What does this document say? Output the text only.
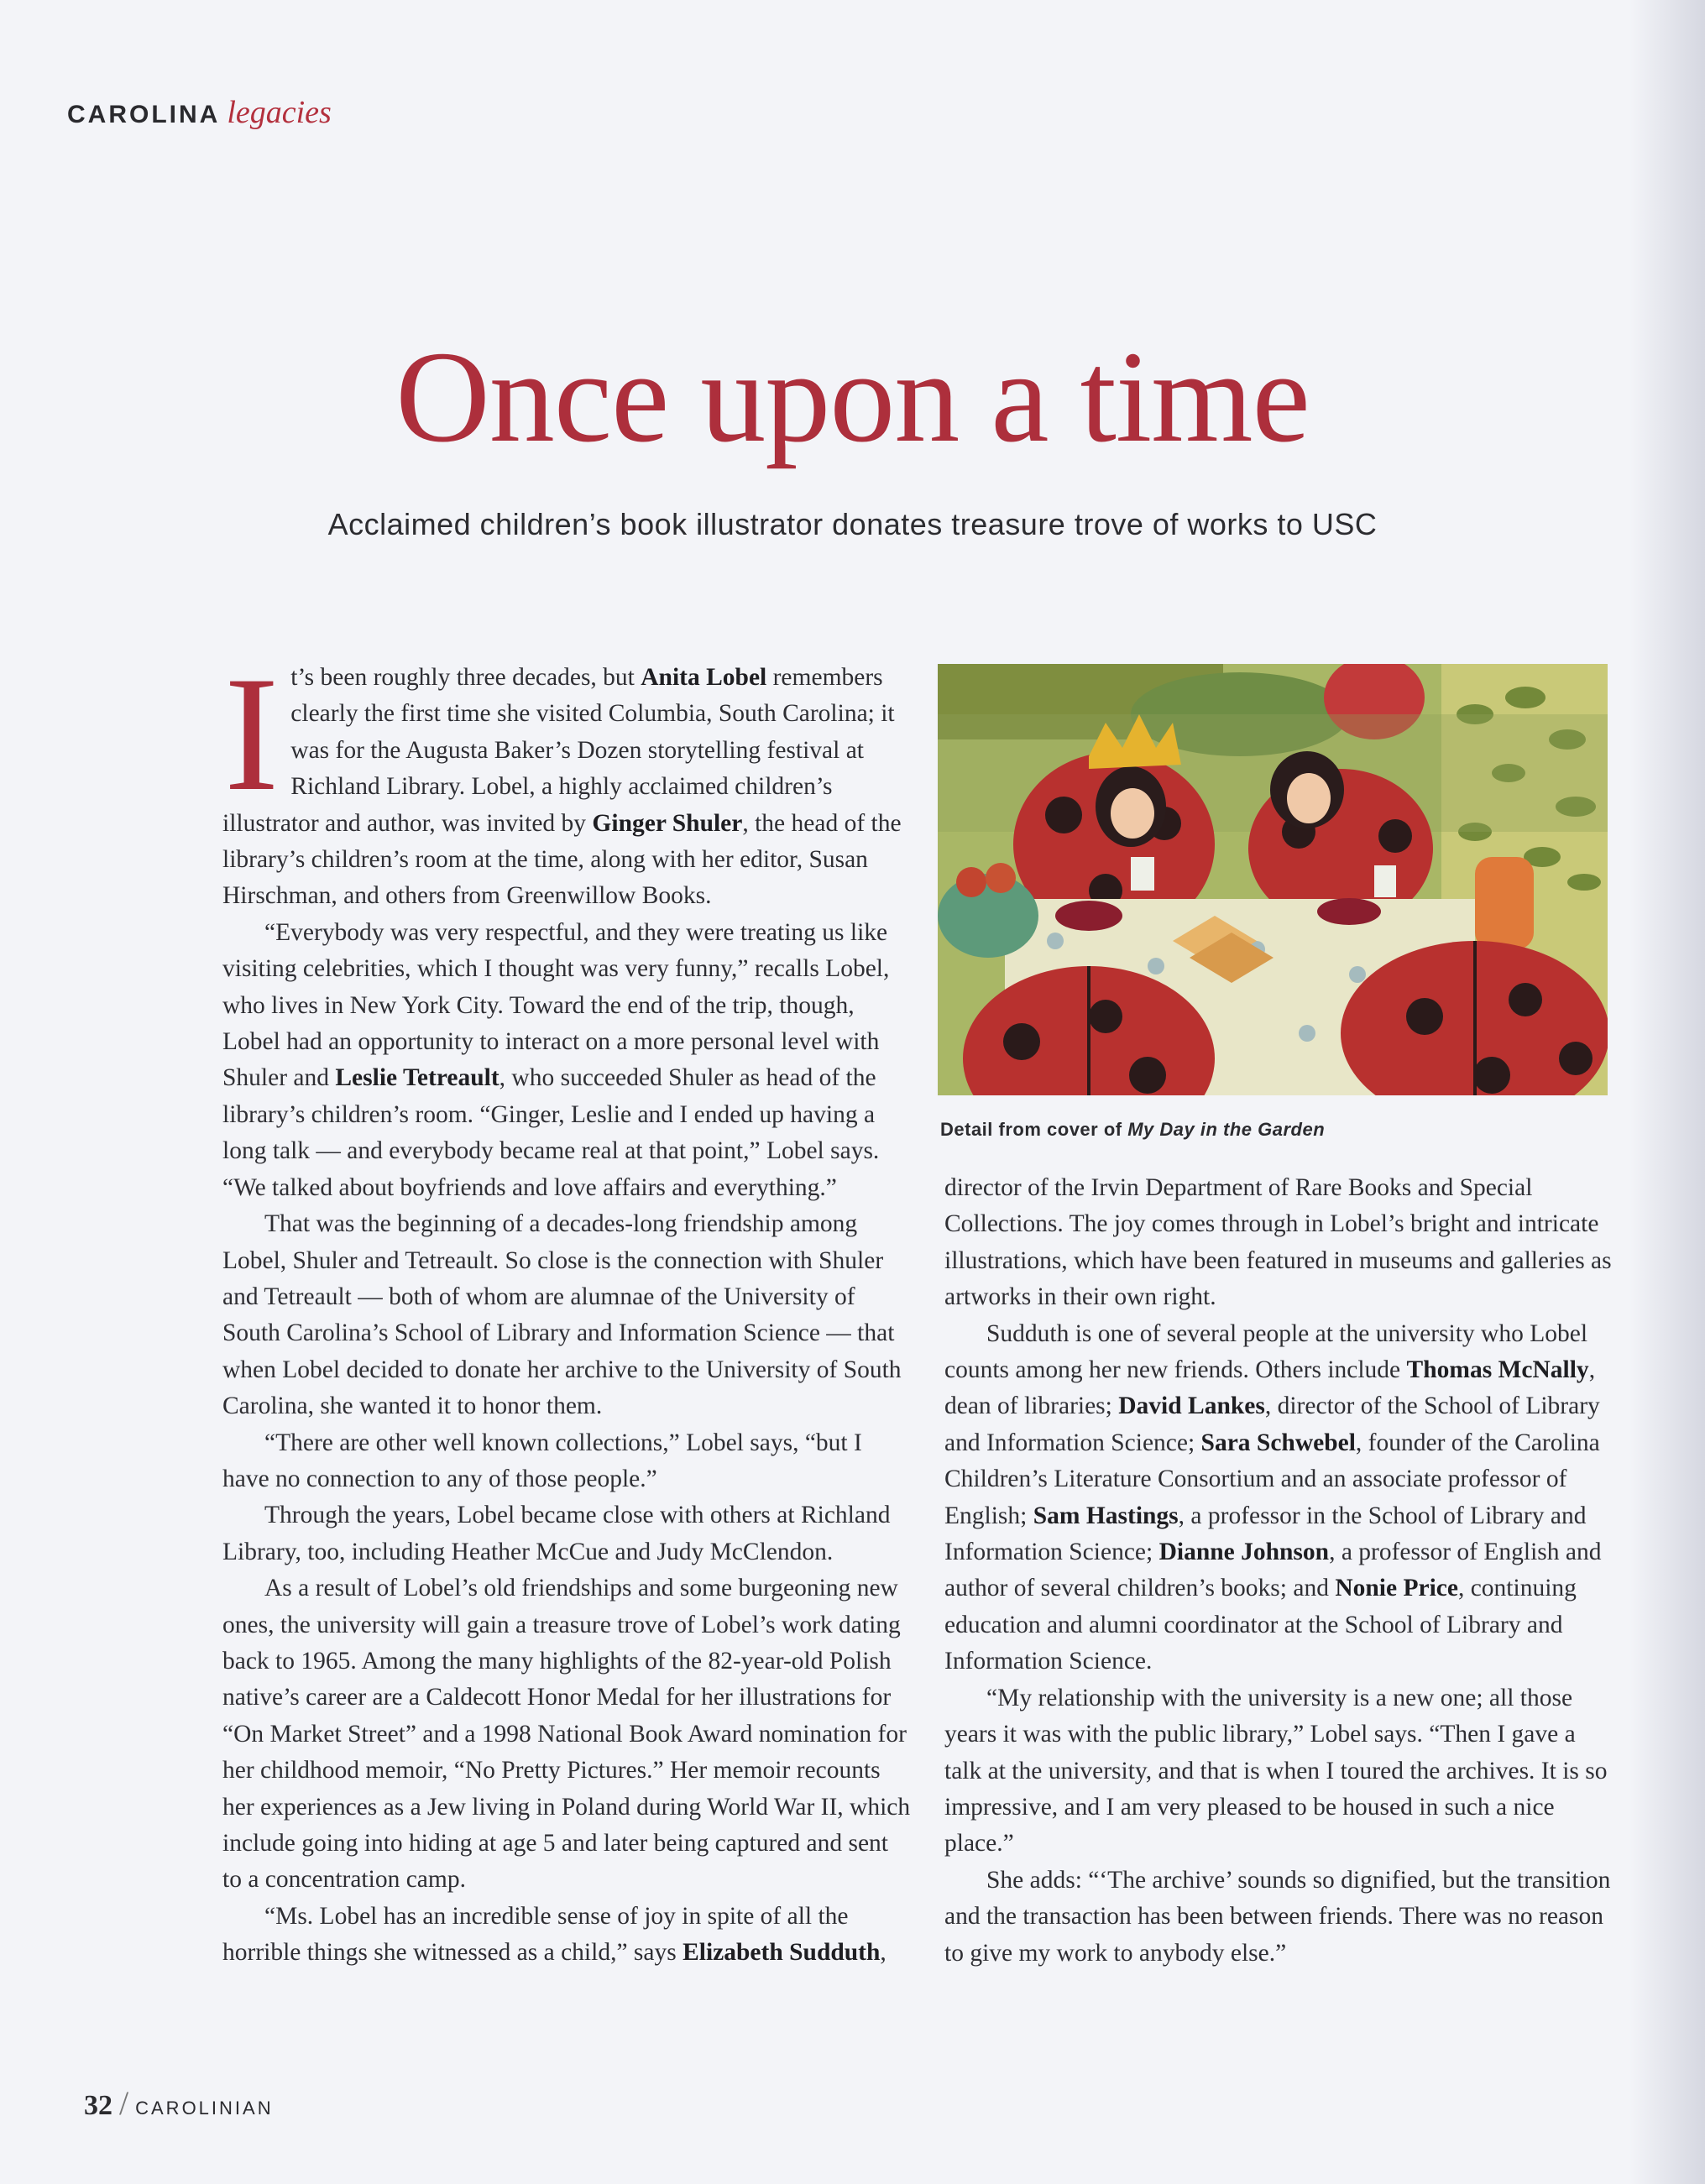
CAROLINA legacies
Once upon a time
Acclaimed children’s book illustrator donates treasure trove of works to USC

It’s been roughly three decades, but Anita Lobel remembers clearly the first time she visited Columbia, South Carolina; it was for the Augusta Baker’s Dozen storytelling festival at Richland Library. Lobel, a highly acclaimed children’s illustrator and author, was invited by Ginger Shuler, the head of the library’s children’s room at the time, along with her editor, Susan Hirschman, and others from Greenwillow Books.

“Everybody was very respectful, and they were treating us like visiting celebrities, which I thought was very funny,” recalls Lobel, who lives in New York City. Toward the end of the trip, though, Lobel had an opportunity to interact on a more personal level with Shuler and Leslie Tetreault, who succeeded Shuler as head of the library’s children’s room. “Ginger, Leslie and I ended up having a long talk — and everybody became real at that point,” Lobel says. “We talked about boyfriends and love affairs and everything.”

That was the beginning of a decades-long friendship among Lobel, Shuler and Tetreault. So close is the connection with Shuler and Tetreault — both of whom are alumnae of the University of South Carolina’s School of Library and Information Science — that when Lobel decided to donate her archive to the University of South Carolina, she wanted it to honor them.

“There are other well known collections,” Lobel says, “but I have no connection to any of those people.”

Through the years, Lobel became close with others at Richland Library, too, including Heather McCue and Judy McClendon.

As a result of Lobel’s old friendships and some burgeoning new ones, the university will gain a treasure trove of Lobel’s work dating back to 1965. Among the many highlights of the 82-year-old Polish native’s career are a Caldecott Honor Medal for her illustrations for “On Market Street” and a 1998 National Book Award nomination for her childhood memoir, “No Pretty Pictures.” Her memoir recounts her experiences as a Jew living in Poland during World War II, which include going into hiding at age 5 and later being captured and sent to a concentration camp.

“Ms. Lobel has an incredible sense of joy in spite of all the horrible things she witnessed as a child,” says Elizabeth Sudduth,

Detail from cover of My Day in the Garden

director of the Irvin Department of Rare Books and Special Collections. The joy comes through in Lobel’s bright and intricate illustrations, which have been featured in museums and galleries as artworks in their own right.

Sudduth is one of several people at the university who Lobel counts among her new friends. Others include Thomas McNally, dean of libraries; David Lankes, director of the School of Library and Information Science; Sara Schwebel, founder of the Carolina Children’s Literature Consortium and an associate professor of English; Sam Hastings, a professor in the School of Library and Information Science; Dianne Johnson, a professor of English and author of several children’s books; and Nonie Price, continuing education and alumni coordinator at the School of Library and Information Science.

“My relationship with the university is a new one; all those years it was with the public library,” Lobel says. “Then I gave a talk at the university, and that is when I toured the archives. It is so impressive, and I am very pleased to be housed in such a nice place.”

She adds: “‘The archive’ sounds so dignified, but the transition and the transaction has been between friends. There was no reason to give my work to anybody else.”

32 / CAROLINIAN
